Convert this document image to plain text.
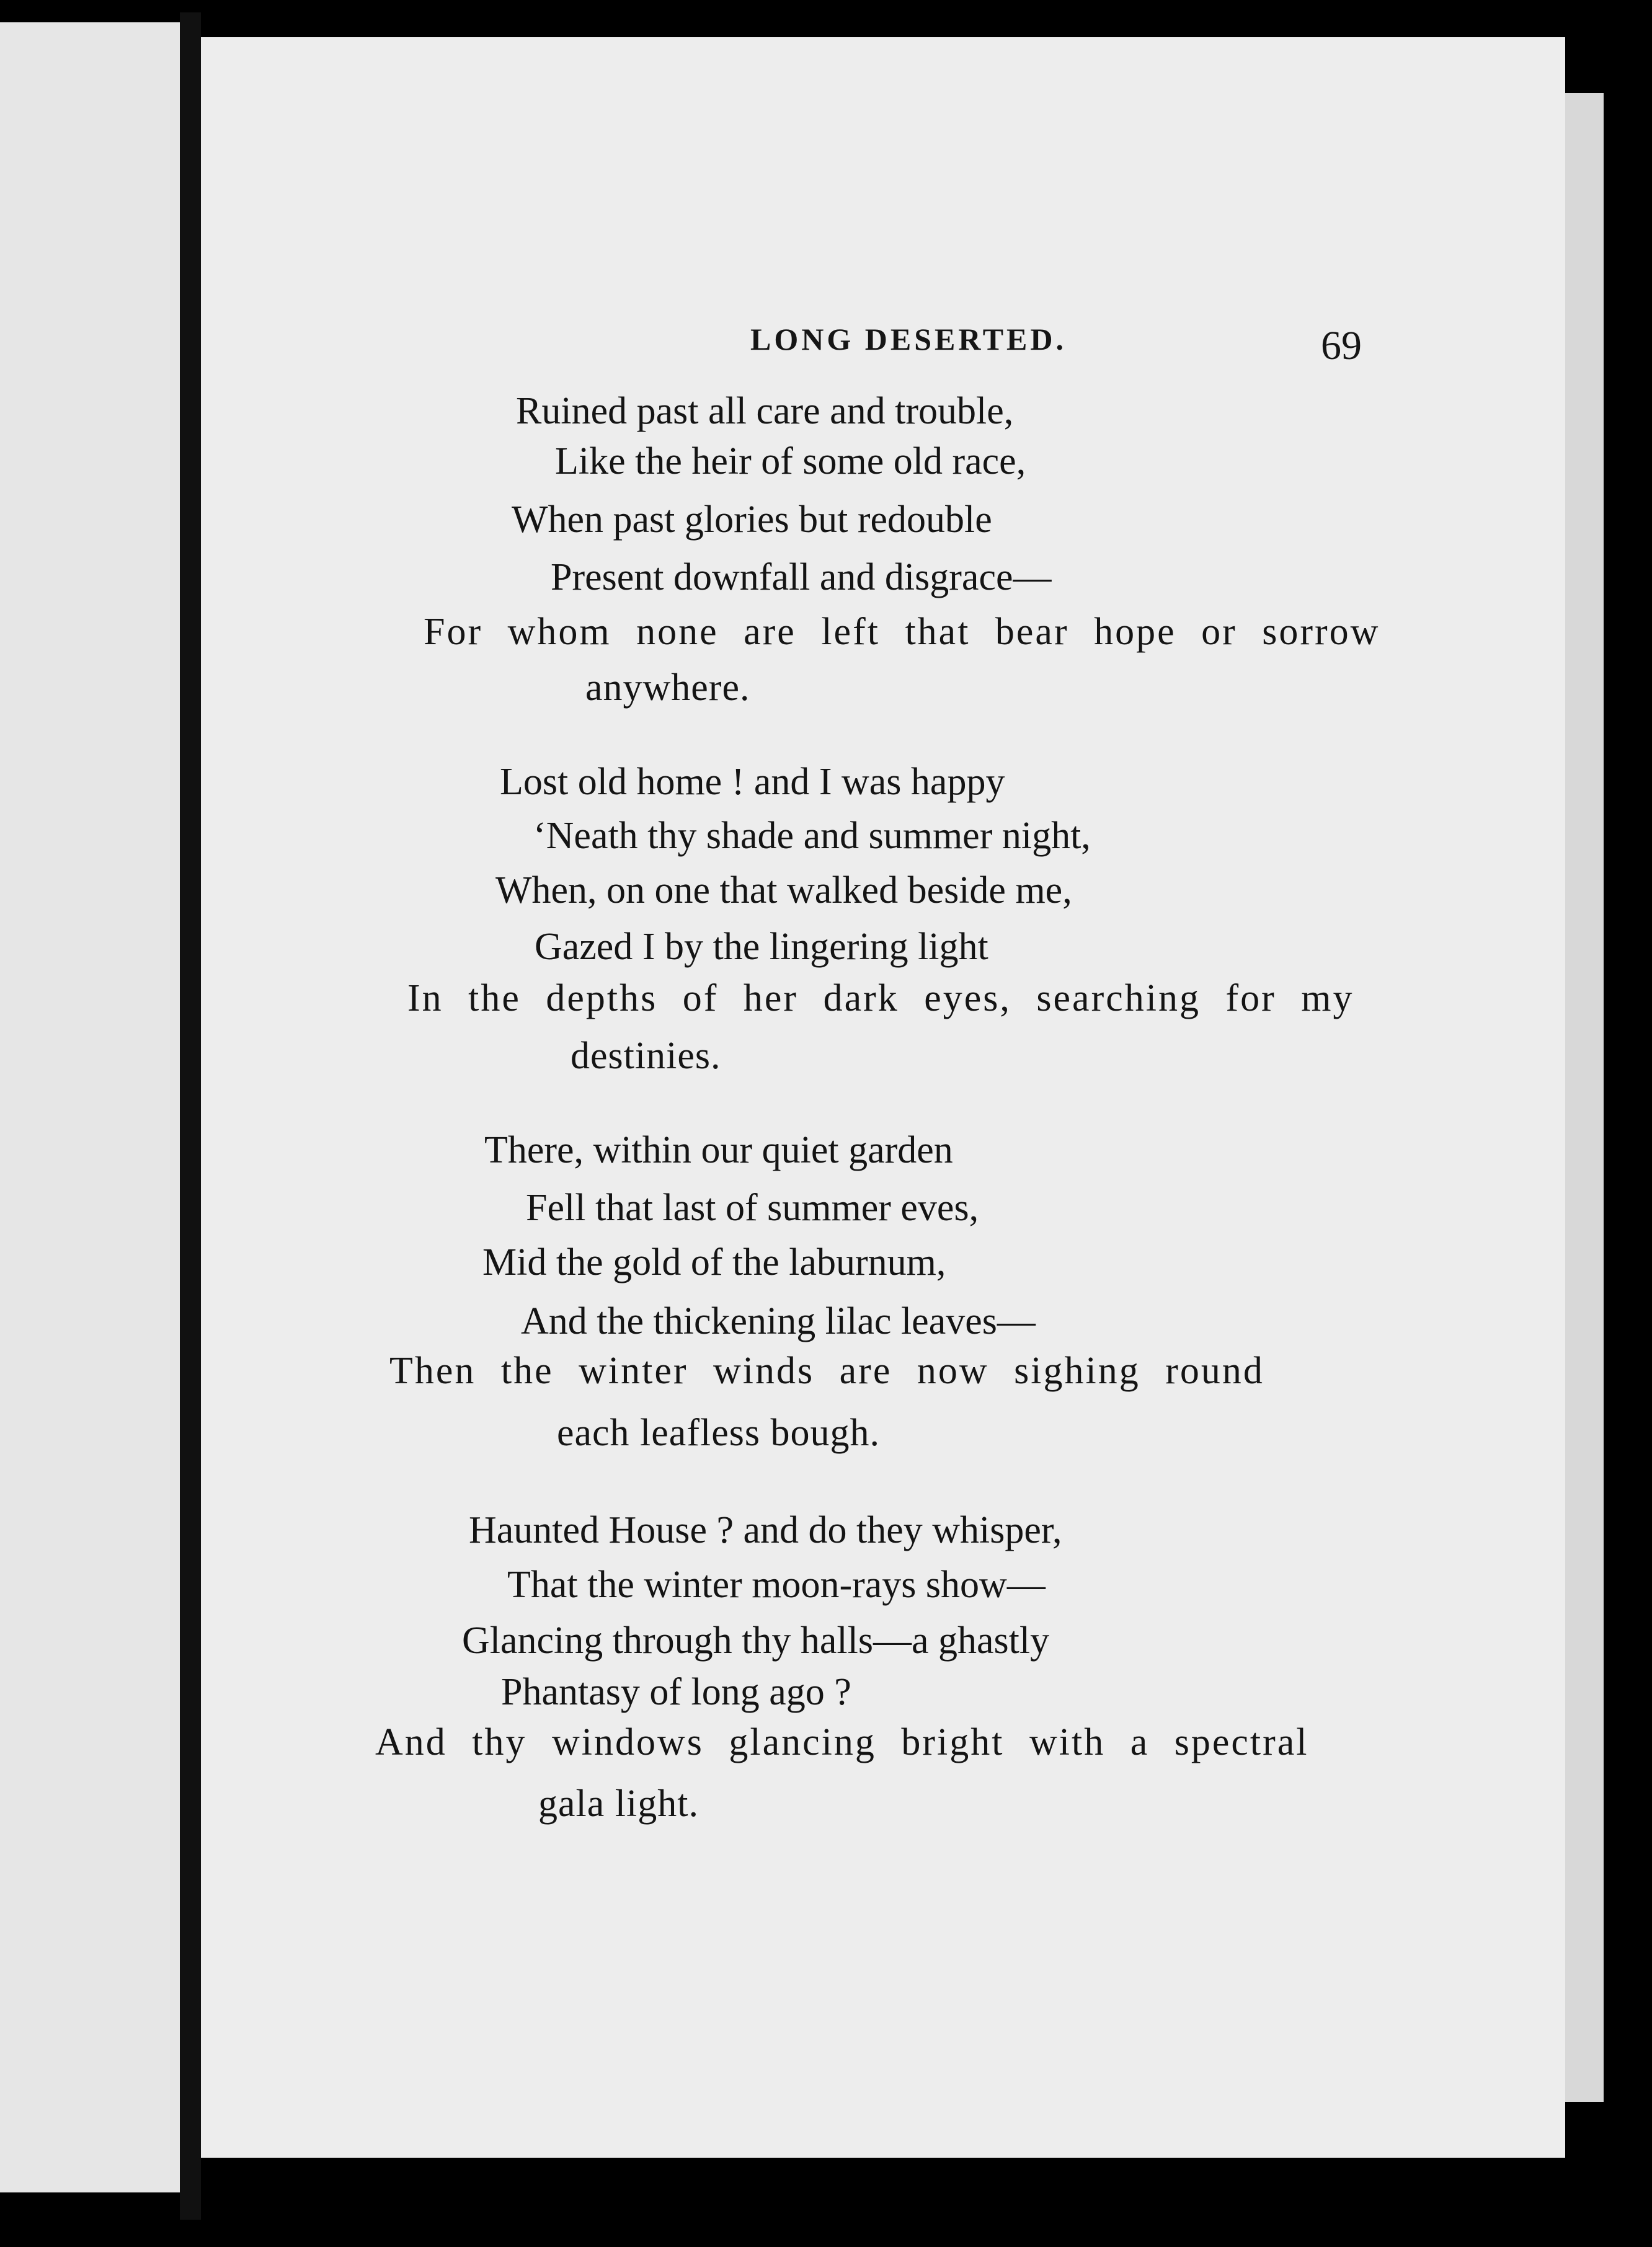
LONG DESERTED.	69
Ruined past all care and trouble,
Like the heir of some old race,
When past glories but redouble
Present downfall and disgrace—
For whom none are left that bear hope or sorrow
anywhere.
Lost old home ! and I was happy
‘Neath thy shade and summer night,
When, on one that walked beside me,
Gazed I by the lingering light
In the depths of her dark eyes, searching for my
destinies.
There, within our quiet garden
Fell that last of summer eves,
Mid the gold of the laburnum,
And the thickening lilac leaves—
Then the winter winds are now sighing round
each leafless bough.
Haunted House ? and do they whisper,
That the winter moon-rays show—
Glancing through thy halls—a ghastly
Phantasy of long ago ?
And thy windows glancing bright with a spectral
gala light.
